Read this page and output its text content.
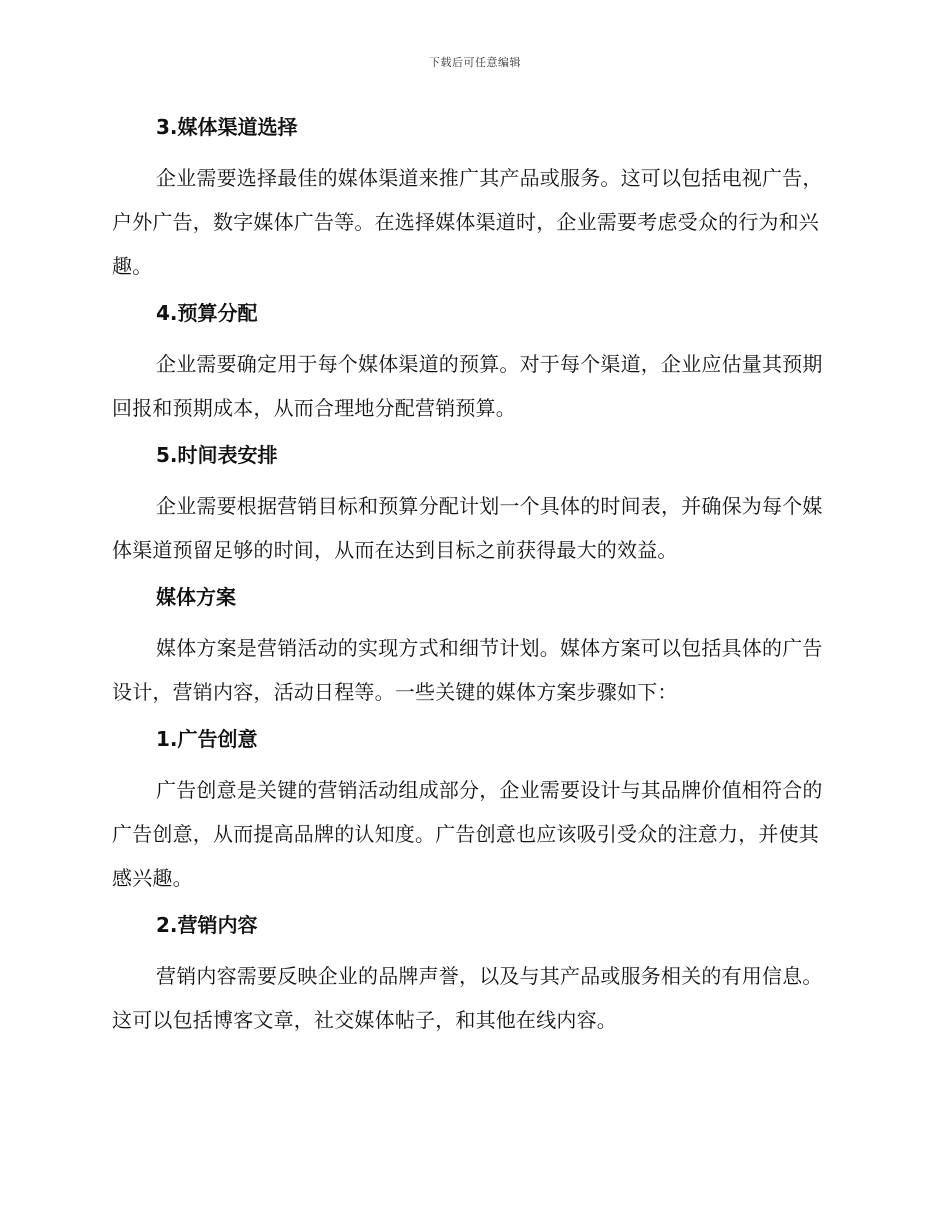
下载后可任意编辑
3.媒体渠道选择

企业需要选择最佳的媒体渠道来推广其产品或服务。这可以包括电视广告，户外广告，数字媒体广告等。在选择媒体渠道时，企业需要考虑受众的行为和兴趣。

4.预算分配

企业需要确定用于每个媒体渠道的预算。对于每个渠道，企业应估量其预期回报和预期成本，从而合理地分配营销预算。

5.时间表安排

企业需要根据营销目标和预算分配计划一个具体的时间表，并确保为每个媒体渠道预留足够的时间，从而在达到目标之前获得最大的效益。

媒体方案

媒体方案是营销活动的实现方式和细节计划。媒体方案可以包括具体的广告设计，营销内容，活动日程等。一些关键的媒体方案步骤如下：

1.广告创意

广告创意是关键的营销活动组成部分，企业需要设计与其品牌价值相符合的广告创意，从而提高品牌的认知度。广告创意也应该吸引受众的注意力，并使其感兴趣。

2.营销内容

营销内容需要反映企业的品牌声誉，以及与其产品或服务相关的有用信息。这可以包括博客文章，社交媒体帖子，和其他在线内容。
